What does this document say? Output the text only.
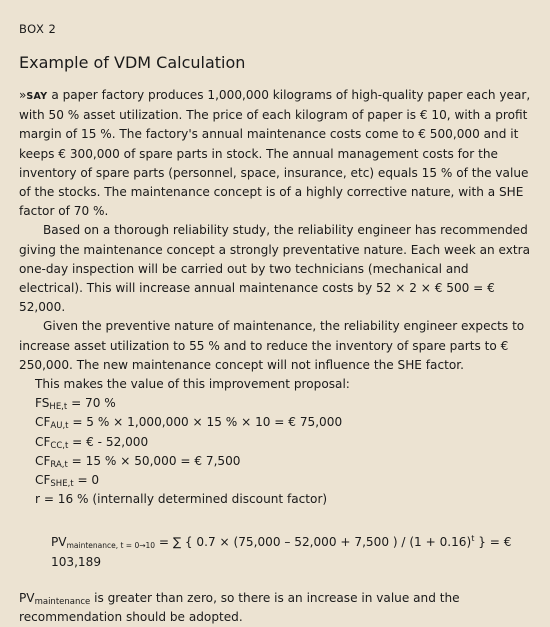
BOX 2
Example of VDM Calculation

»SAY a paper factory produces 1,000,000 kilograms of high-quality paper each year, with 50 % asset utilization. The price of each kilogram of paper is € 10, with a profit margin of 15 %. The factory's annual maintenance costs come to € 500,000 and it keeps € 300,000 of spare parts in stock. The annual management costs for the inventory of spare parts (personnel, space, insurance, etc) equals 15 % of the value of the stocks. The maintenance concept is of a highly corrective nature, with a SHE factor of 70 %.

Based on a thorough reliability study, the reliability engineer has recommended giving the maintenance concept a strongly preventative nature. Each week an extra one-day inspection will be carried out by two technicians (mechanical and electrical). This will increase annual maintenance costs by 52 × 2 × € 500 = € 52,000.

Given the preventive nature of maintenance, the reliability engineer expects to increase asset utilization to 55 % and to reduce the inventory of spare parts to € 250,000. The new maintenance concept will not influence the SHE factor.

This makes the value of this improvement proposal:
$FS_{HE,t} = 70$ %
$CF_{AU,t} = 5$ % × 1,000,000 × 15 % × 10 = € 75,000
$CF_{CC,t}$ = € - 52,000
$CF_{RA,t} = 15$ % × 50,000 = € 7,500
$CF_{SHE,t} = 0$
r = 16 % (internally determined discount factor)
$PV_{maintenance, t = 0\to 10}$ = ∑ { 0.7 × (75,000 – 52,000 + 7,500 ) / $(1 + 0.16)^t$ } = € 103,189

$PV_{maintenance}$ is greater than zero, so there is an increase in value and the recommendation should be adopted.
